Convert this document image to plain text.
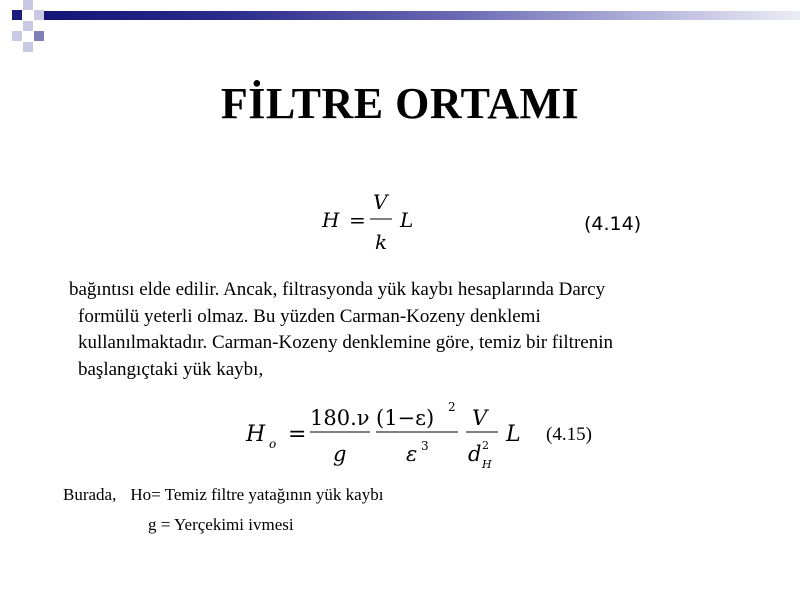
FİLTRE ORTAMI
H =
V
k
L	(4.14)
bağıntısı elde edilir. Ancak, filtrasyonda yük kaybı hesaplarında Darcy
formülü yeterli olmaz. Bu yüzden Carman-Kozeny denklemi
kullanılmaktadır. Carman-Kozeny denklemine göre, temiz bir filtrenin
başlangıçtaki yük kaybı,
H o =
180.ν
g
(1−ε) 2
ε 3
V
d 2
H
L (4.15)
Burada, Ho= Temiz filtre yatağının yük kaybı
g = Yerçekimi ivmesi
